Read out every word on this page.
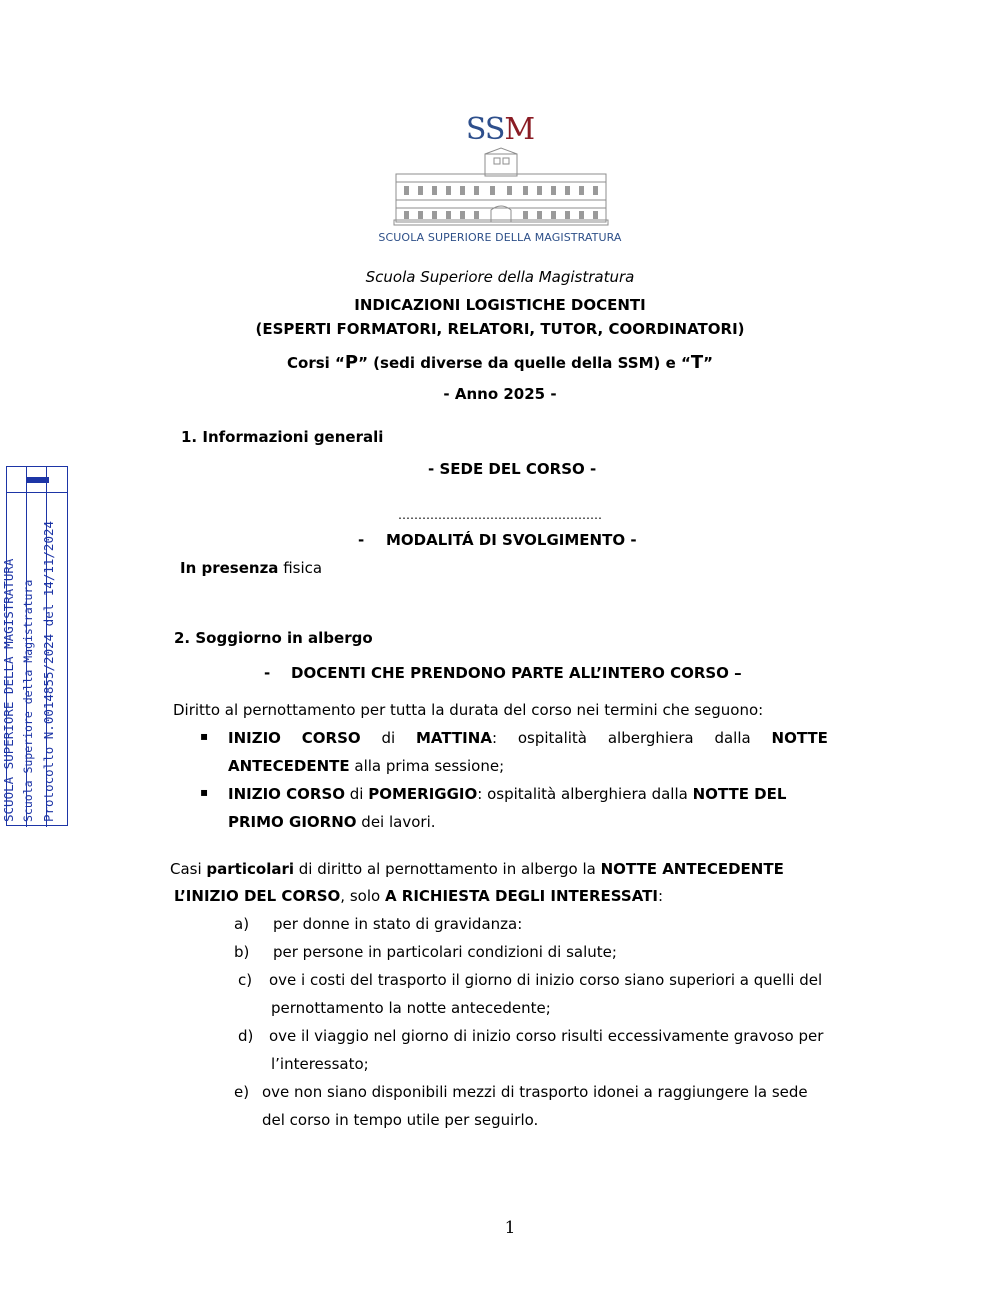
SSM
SCUOLA SUPERIORE DELLA MAGISTRATURA
SCUOLA SUPERIORE DELLA MAGISTRATURA Scuola Superiore della Magistratura Protocollo N.0014855/2024 del 14/11/2024
Scuola Superiore della Magistratura
INDICAZIONI LOGISTICHE DOCENTI
(ESPERTI FORMATORI, RELATORI, TUTOR, COORDINATORI)
Corsi “P” (sedi diverse da quelle della SSM) e “T”
- Anno 2025 -
1. Informazioni generali
- SEDE DEL CORSO -
……………………………………………
- MODALITÁ DI SVOLGIMENTO -
In presenza fisica
2. Soggiorno in albergo
- DOCENTI CHE PRENDONO PARTE ALL’INTERO CORSO –
Diritto al pernottamento per tutta la durata del corso nei termini che seguono:
▪ INIZIO CORSO di MATTINA: ospitalità alberghiera dalla NOTTE
ANTECEDENTE alla prima sessione;
▪ INIZIO CORSO di POMERIGGIO: ospitalità alberghiera dalla NOTTE DEL
PRIMO GIORNO dei lavori.
Casi particolari di diritto al pernottamento in albergo la NOTTE ANTECEDENTE
L’INIZIO DEL CORSO, solo A RICHIESTA DEGLI INTERESSATI:
a) per donne in stato di gravidanza:
b) per persone in particolari condizioni di salute;
c) ove i costi del trasporto il giorno di inizio corso siano superiori a quelli del
pernottamento la notte antecedente;
d) ove il viaggio nel giorno di inizio corso risulti eccessivamente gravoso per
l’interessato;
e) ove non siano disponibili mezzi di trasporto idonei a raggiungere la sede
del corso in tempo utile per seguirlo.
1
